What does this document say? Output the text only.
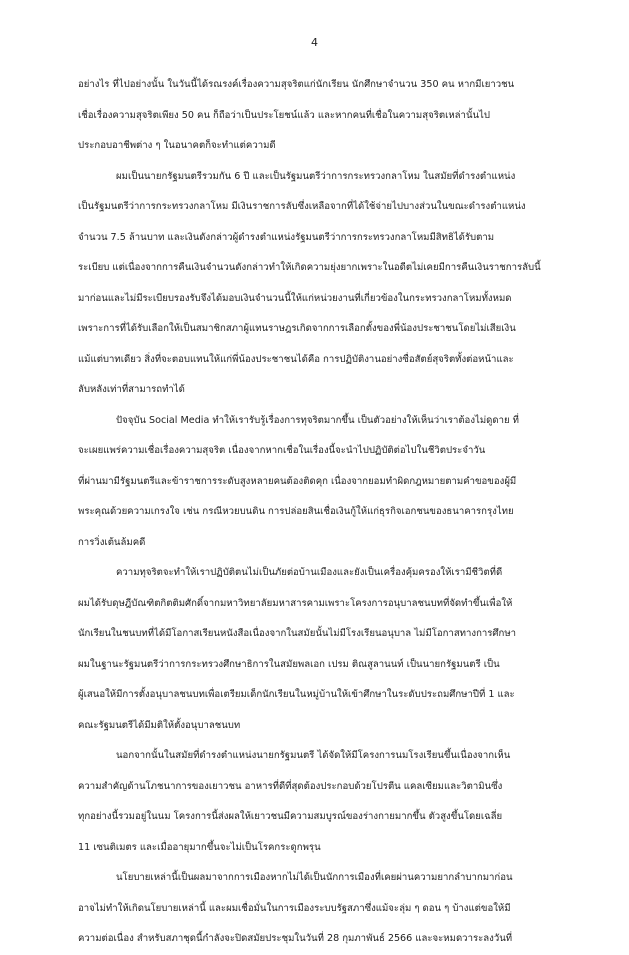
4
อย่างไร ที่ไปอย่างนั้น ในวันนี้ได้รณรงค์เรื่องความสุจริตแก่นักเรียน นักศึกษาจำนวน 350 คน หากมีเยาวชน
เชื่อเรื่องความสุจริตเพียง 50 คน ก็ถือว่าเป็นประโยชน์แล้ว และหากคนที่เชื่อในความสุจริตเหล่านั้นไป
ประกอบอาชีพต่าง ๆ ในอนาคตก็จะทำแต่ความดี
ผมเป็นนายกรัฐมนตรีรวมกัน 6 ปี และเป็นรัฐมนตรีว่าการกระทรวงกลาโหม ในสมัยที่ดำรงตำแหน่ง
เป็นรัฐมนตรีว่าการกระทรวงกลาโหม มีเงินราชการลับซึ่งเหลือจากที่ได้ใช้จ่ายไปบางส่วนในขณะดำรงตำแหน่ง
จำนวน 7.5 ล้านบาท และเงินดังกล่าวผู้ดำรงตำแหน่งรัฐมนตรีว่าการกระทรวงกลาโหมมีสิทธิได้รับตาม
ระเบียบ แต่เนื่องจากการคืนเงินจำนวนดังกล่าวทำให้เกิดความยุ่งยากเพราะในอดีตไม่เคยมีการคืนเงินราชการลับนี้
มาก่อนและไม่มีระเบียบรองรับจึงได้มอบเงินจำนวนนี้ให้แก่หน่วยงานที่เกี่ยวข้องในกระทรวงกลาโหมทั้งหมด
เพราะการที่ได้รับเลือกให้เป็นสมาชิกสภาผู้แทนราษฎรเกิดจากการเลือกตั้งของพี่น้องประชาชนโดยไม่เสียเงิน
แม้แต่บาทเดียว สิ่งที่จะตอบแทนให้แก่พี่น้องประชาชนได้คือ การปฏิบัติงานอย่างซื่อสัตย์สุจริตทั้งต่อหน้าและ
ลับหลังเท่าที่สามารถทำได้
ปัจจุบัน Social Media ทำให้เรารับรู้เรื่องการทุจริตมากขึ้น เป็นตัวอย่างให้เห็นว่าเราต้องไม่ดูดาย ที่
จะเผยแพร่ความเชื่อเรื่องความสุจริต เนื่องจากหากเชื่อในเรื่องนี้จะนำไปปฏิบัติต่อไปในชีวิตประจำวัน
ที่ผ่านมามีรัฐมนตรีและข้าราชการระดับสูงหลายคนต้องติดคุก เนื่องจากยอมทำผิดกฎหมายตามคำขอของผู้มี
พระคุณด้วยความเกรงใจ เช่น กรณีหวยบนดิน การปล่อยสินเชื่อเงินกู้ให้แก่ธุรกิจเอกชนของธนาคารกรุงไทย
การวิ่งเต้นล้มคดี
ความทุจริตจะทำให้เราปฏิบัติตนไม่เป็นภัยต่อบ้านเมืองและยังเป็นเครื่องคุ้มครองให้เรามีชีวิตที่ดี
ผมได้รับดุษฎีบัณฑิตกิตติมศักดิ์จากมหาวิทยาลัยมหาสารคามเพราะโครงการอนุบาลชนบทที่จัดทำขึ้นเพื่อให้
นักเรียนในชนบทที่ได้มีโอกาสเรียนหนังสือเนื่องจากในสมัยนั้นไม่มีโรงเรียนอนุบาล ไม่มีโอกาสทางการศึกษา
ผมในฐานะรัฐมนตรีว่าการกระทรวงศึกษาธิการในสมัยพลเอก เปรม ติณสูลานนท์ เป็นนายกรัฐมนตรี เป็น
ผู้เสนอให้มีการตั้งอนุบาลชนบทเพื่อเตรียมเด็กนักเรียนในหมู่บ้านให้เข้าศึกษาในระดับประถมศึกษาปีที่ 1 และ
คณะรัฐมนตรีได้มีมติให้ตั้งอนุบาลชนบท
นอกจากนั้นในสมัยที่ดำรงตำแหน่งนายกรัฐมนตรี ได้จัดให้มีโครงการนมโรงเรียนขึ้นเนื่องจากเห็น
ความสำคัญด้านโภชนาการของเยาวชน อาหารที่ดีที่สุดต้องประกอบด้วยโปรตีน แคลเซียมและวิตามินซึ่ง
ทุกอย่างนี้รวมอยู่ในนม โครงการนี้ส่งผลให้เยาวชนมีความสมบูรณ์ของร่างกายมากขึ้น ตัวสูงขึ้นโดยเฉลี่ย
11 เซนติเมตร และเมื่ออายุมากขึ้นจะไม่เป็นโรคกระดูกพรุน
นโยบายเหล่านี้เป็นผลมาจากการเมืองหากไม่ได้เป็นนักการเมืองที่เคยผ่านความยากลำบากมาก่อน
อาจไม่ทำให้เกิดนโยบายเหล่านี้ และผมเชื่อมั่นในการเมืองระบบรัฐสภาซึ่งแม้จะลุ่ม ๆ ดอน ๆ บ้างแต่ขอให้มี
ความต่อเนื่อง สำหรับสภาชุดนี้กำลังจะปิดสมัยประชุมในวันที่ 28 กุมภาพันธ์ 2566 และจะหมดวาระลงวันที่
